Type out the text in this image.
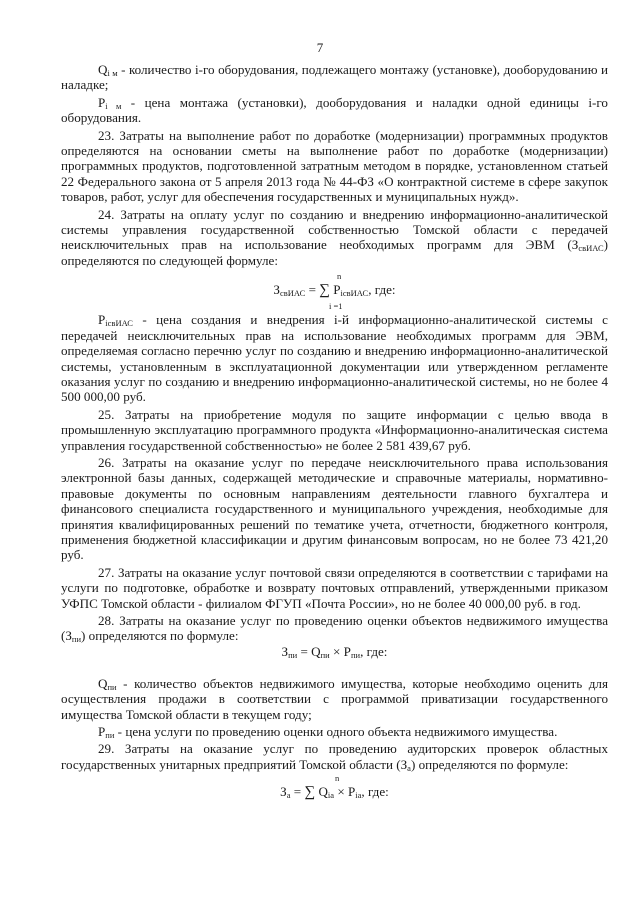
7

$Q_{i м}$ - количество i-го оборудования, подлежащего монтажу (установке), дооборудованию и наладке;

$P_{i м}$ - цена монтажа (установки), дооборудования и наладки одной единицы i-го оборудования.

23. Затраты на выполнение работ по доработке (модернизации) программных продуктов определяются на основании сметы на выполнение работ по доработке (модернизации) программных продуктов, подготовленной затратным методом в порядке, установленном статьей 22 Федерального закона от 5 апреля 2013 года № 44-ФЗ «О контрактной системе в сфере закупок товаров, работ, услуг для обеспечения государственных и муниципальных нужд».

24. Затраты на оплату услуг по созданию и внедрению информационно-аналитической системы управления государственной собственностью Томской области с передачей неисключительных прав на использование необходимых программ для ЭВМ $(З_{свИАС})$ определяются по следующей формуле:

n
$З_{свИАС}$ = ∑ $P_{iсвИАС}$, где:
i =1

$P_{iсвИАС}$ - цена создания и внедрения i-й информационно-аналитической системы с передачей неисключительных прав на использование необходимых программ для ЭВМ, определяемая согласно перечню услуг по созданию и внедрению информационно-аналитической системы, установленным в эксплуатационной документации или утвержденном регламенте оказания услуг по созданию и внедрению информационно-аналитической системы, но не более 4 500 000,00 руб.

25. Затраты на приобретение модуля по защите информации с целью ввода в промышленную эксплуатацию программного продукта «Информационно-аналитическая система управления государственной собственностью» не более 2 581 439,67 руб.

26. Затраты на оказание услуг по передаче неисключительного права использования электронной базы данных, содержащей методические и справочные материалы, нормативно-правовые документы по основным направлениям деятельности главного бухгалтера и финансового специалиста государственного и муниципального учреждения, необходимые для принятия квалифицированных решений по тематике учета, отчетности, бюджетного контроля, применения бюджетной классификации и другим финансовым вопросам, но не более 73 421,20 руб.

27. Затраты на оказание услуг почтовой связи определяются в соответствии с тарифами на услуги по подготовке, обработке и возврату почтовых отправлений, утвержденными приказом УФПС Томской области - филиалом ФГУП «Почта России», но не более 40 000,00 руб. в год.

28. Затраты на оказание услуг по проведению оценки объектов недвижимого имущества $(З_{пи})$ определяются по формуле:

$З_{пи} = Q_{пи} \times P_{пи}$, где:

$Q_{пи}$ - количество объектов недвижимого имущества, которые необходимо оценить для осуществления продажи в соответствии с программой приватизации государственного имущества Томской области в текущем году;

$P_{пи}$ - цена услуги по проведению оценки одного объекта недвижимого имущества.

29. Затраты на оказание услуг по проведению аудиторских проверок областных государственных унитарных предприятий Томской области $(З_а)$ определяются по формуле:

n
$З_а$ = ∑ $Q_{iа} \times P_{iа}$, где:
